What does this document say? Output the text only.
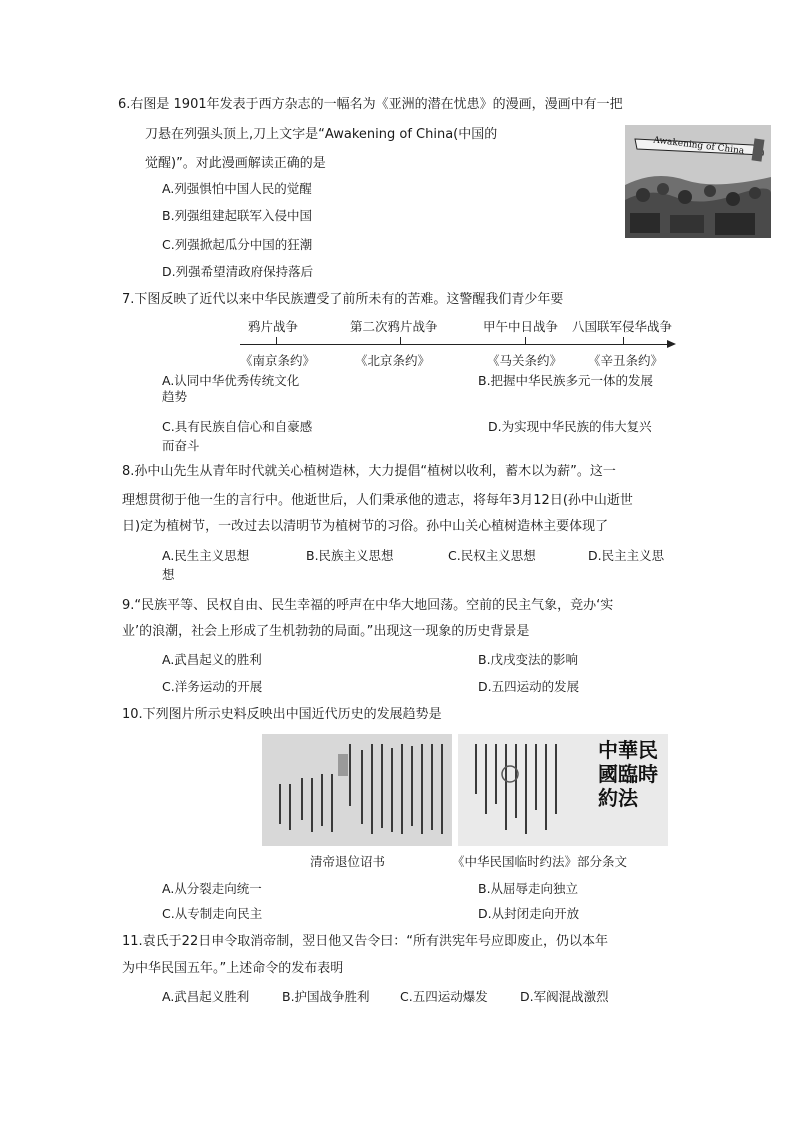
6.右图是 1901年发表于西方杂志的一幅名为《亚洲的潜在忧患》的漫画，漫画中有一把
刀悬在列强头顶上,刀上文字是“Awakening of China(中国的
觉醒)”。对此漫画解读正确的是
A.列强惧怕中国人民的觉醒
B.列强组建起联军入侵中国
C.列强掀起瓜分中国的狂潮
D.列强希望清政府保持落后
Awakening of China
7.下图反映了近代以来中华民族遭受了前所未有的苦难。这警醒我们青少年要
鸦片战争	第二次鸦片战争	甲午中日战争 八国联军侵华战争
《南京条约》	《北京条约》	《马关条约》 《辛丑条约》
A.认同中华优秀传统文化
趋势
B.把握中华民族多元一体的发展
C.具有民族自信心和自豪感	D.为实现中华民族的伟大复兴
而奋斗
8.孙中山先生从青年时代就关心植树造林，大力提倡“植树以收利，蓄木以为薪”。这一
理想贯彻于他一生的言行中。他逝世后，人们秉承他的遗志，将每年3月12日(孙中山逝世
日)定为植树节，一改过去以清明节为植树节的习俗。孙中山关心植树造林主要体现了
A.民生主义思想	B.民族主义思想	C.民权主义思想	D.民主主义思
想
9.“民族平等、民权自由、民生幸福的呼声在中华大地回荡。空前的民主气象，竞办‘实
业’的浪潮，社会上形成了生机勃勃的局面。”出现这一现象的历史背景是
A.武昌起义的胜利	B.戊戌变法的影响
C.洋务运动的开展	D.五四运动的发展
10.下列图片所示史料反映出中国近代历史的发展趋势是
中華民國臨時約法
清帝退位诏书	《中华民国临时约法》部分条文
A.从分裂走向统一	B.从屈辱走向独立
C.从专制走向民主	D.从封闭走向开放
11.袁氏于22日申令取消帝制，翌日他又告令曰：“所有洪宪年号应即废止，仍以本年
为中华民国五年。”上述命令的发布表明
A.武昌起义胜利	B.护国战争胜利 C.五四运动爆发	D.军阀混战激烈
